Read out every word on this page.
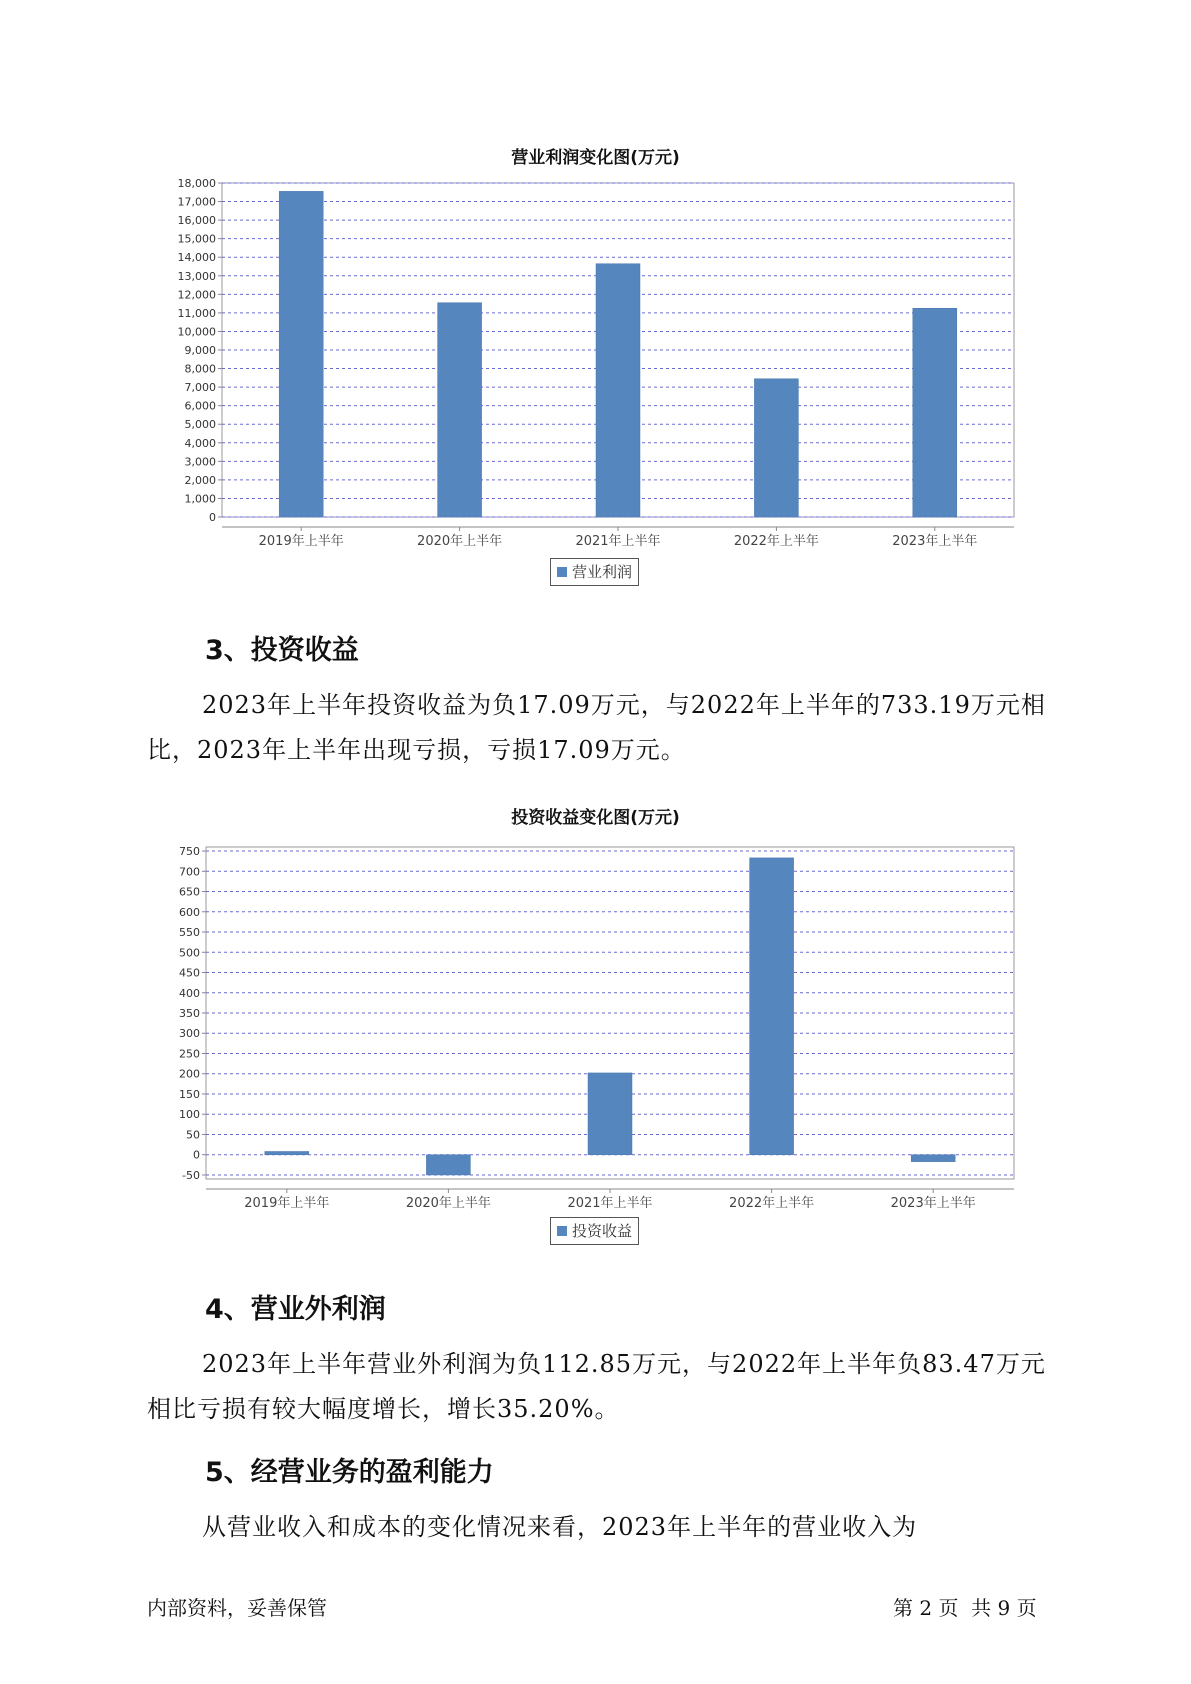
营业利润变化图(万元)
0
1,000
2,000
3,000
4,000
5,000
6,000
7,000
8,000
9,000
10,000
11,000
12,000
13,000
14,000
15,000
16,000
17,000
18,000
2019年上半年	2020年上半年	2021年上半年	2022年上半年	2023年上半年
营业利润
3、投资收益

2023年上半年投资收益为负17.09万元，与2022年上半年的733.19万元相比，2023年上半年出现亏损，亏损17.09万元。

投资收益变化图(万元)
-50
0
50
100
150
200
250
300
350
400
450
500
550
600
650
700
750
2019年上半年	2020年上半年	2021年上半年	2022年上半年	2023年上半年
投资收益
4、营业外利润

2023年上半年营业外利润为负112.85万元，与2022年上半年负83.47万元相比亏损有较大幅度增长，增长35.20%。

5、经营业务的盈利能力

从营业收入和成本的变化情况来看，2023年上半年的营业收入为

内部资料，妥善保管	第 2 页  共 9 页
